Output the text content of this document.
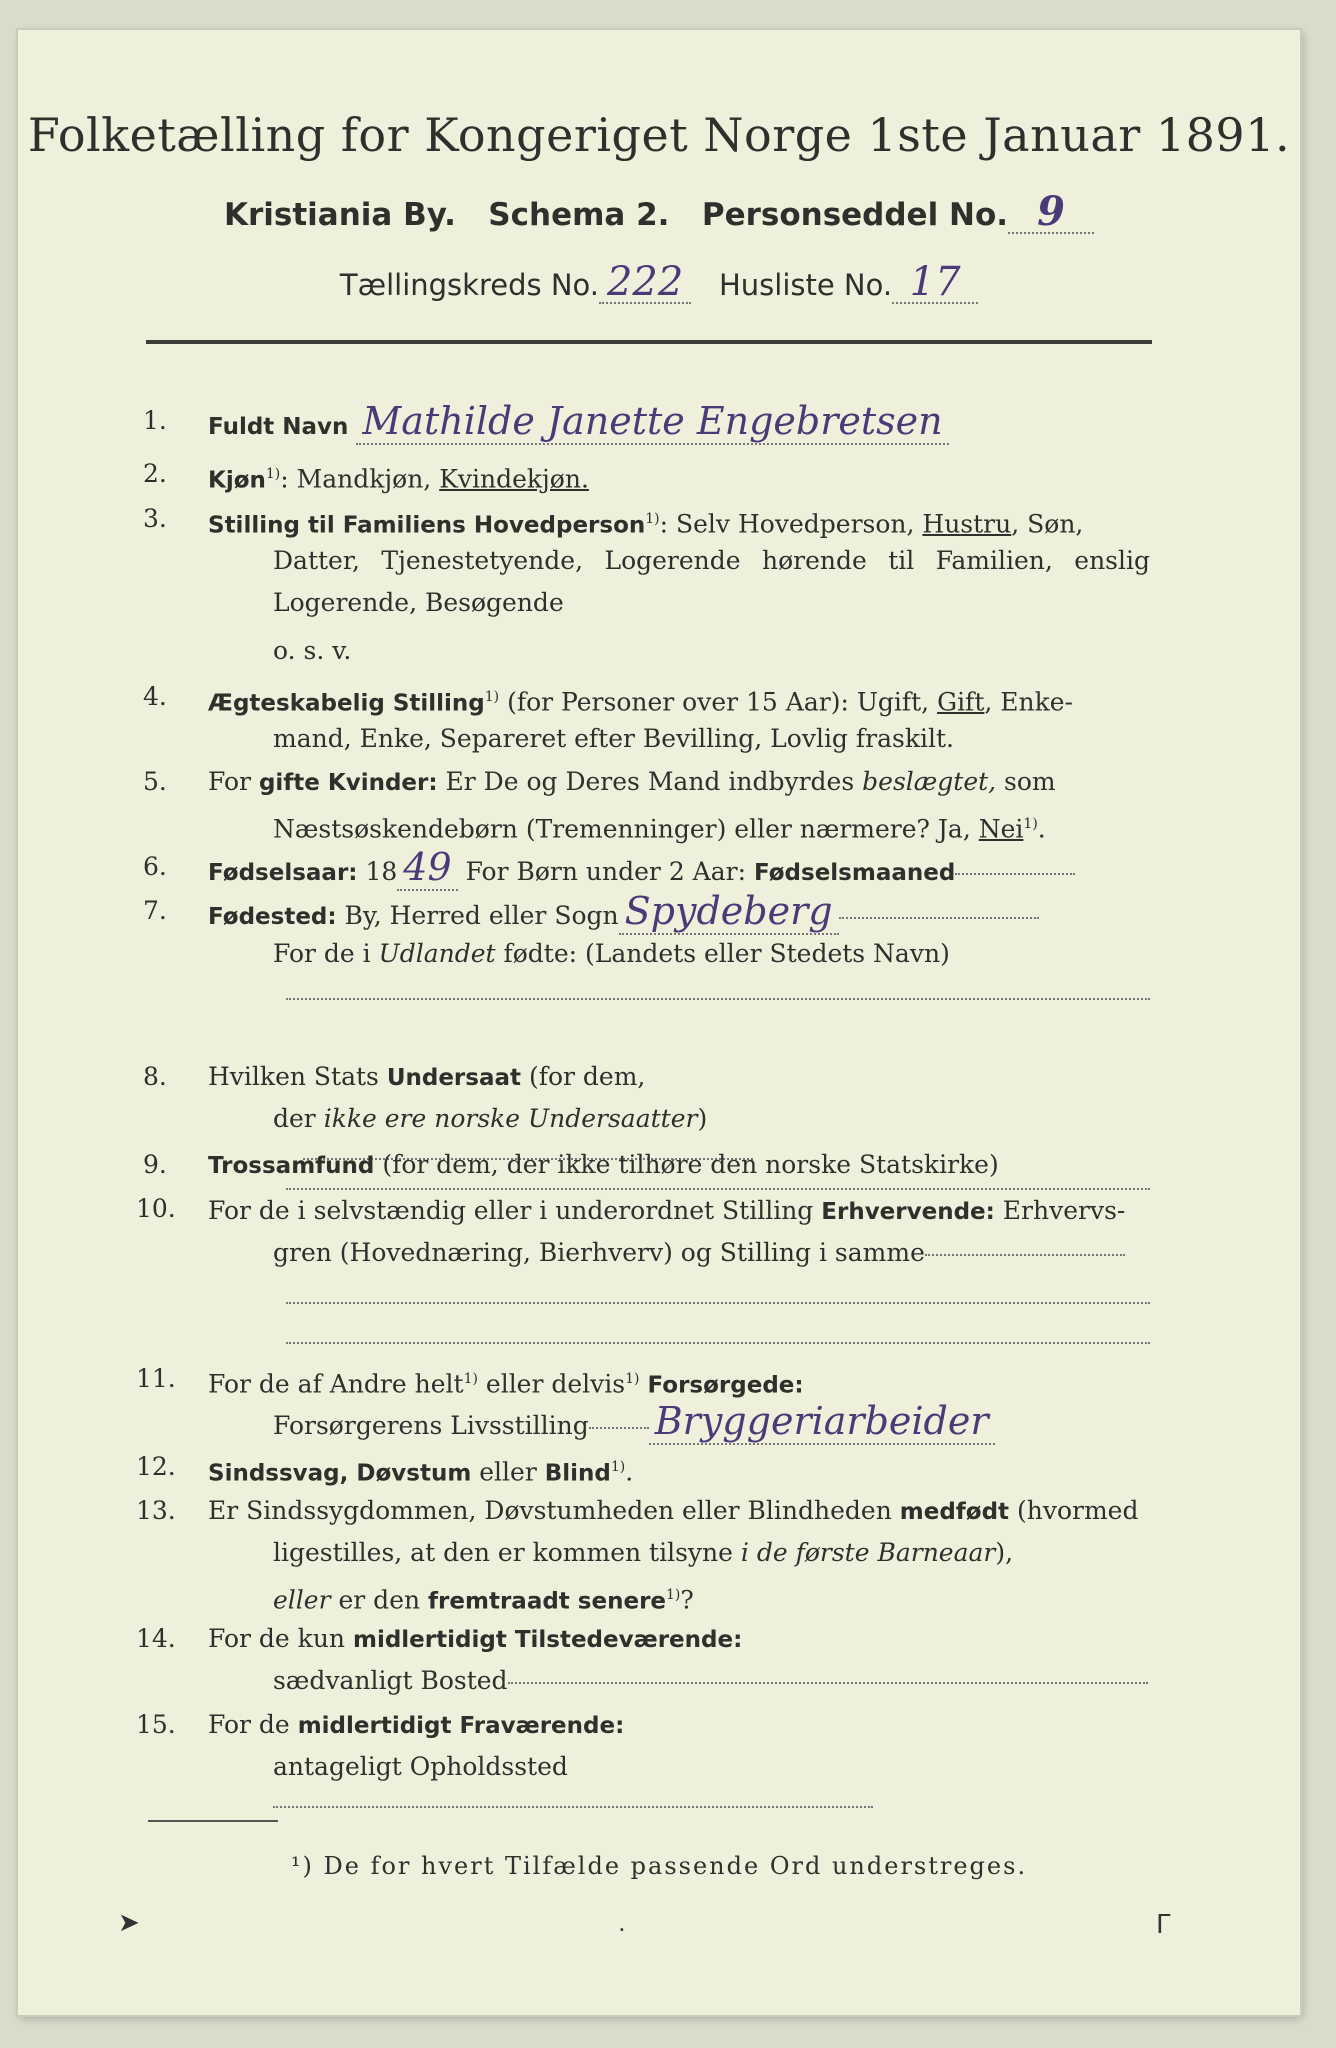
Folketælling for Kongeriget Norge 1ste Januar 1891.
Kristiania By. Schema 2. Personseddel No. 9
Tællingskreds No. 222 Husliste No. 17
1.	Fuldt Navn Mathilde Janette Engebretsen
2.	Kjøn$^{1)}$: Mandkjøn, Kvindekjøn.
3.	Stilling til Familiens Hovedperson$^{1)}$: Selv Hovedperson, Hustru, Søn,
Datter, Tjenestetyende, Logerende hørende til Familien, enslig
Logerende, Besøgende
o. s. v.
4.	Ægteskabelig Stilling$^{1)}$ (for Personer over 15 Aar): Ugift, Gift, Enke-
mand, Enke, Separeret efter Bevilling, Lovlig fraskilt.
5.	For gifte Kvinder: Er De og Deres Mand indbyrdes beslægtet, som
Næstsøskendebørn (Tremenninger) eller nærmere? Ja, Nei$^{1)}$.
6.	Fødselsaar: 18 49 For Børn under 2 Aar: Fødselsmaaned
7.	Fødested: By, Herred eller Sogn Spydeberg
For de i Udlandet fødte: (Landets eller Stedets Navn)
8.	Hvilken Stats Undersaat (for dem,
der ikke ere norske Undersaatter)
9.	Trossamfund (for dem, der ikke tilhøre den norske Statskirke)
10.	For de i selvstændig eller i underordnet Stilling Erhvervende: Erhvervs-
gren (Hovednæring, Bierhverv) og Stilling i samme
11.	For de af Andre helt$^{1)}$ eller delvis$^{1)}$ Forsørgede:
Forsørgerens Livsstilling Bryggeriarbeider
12.	Sindssvag, Døvstum eller Blind$^{1)}$.
13.	Er Sindssygdommen, Døvstumheden eller Blindheden medfødt (hvormed
ligestilles, at den er kommen tilsyne i de første Barneaar),
eller er den fremtraadt senere$^{1)}$?
14.	For de kun midlertidigt Tilstedeværende:
sædvanligt Bosted
15.	For de midlertidigt Fraværende:
antageligt Opholdssted
¹) De for hvert Tilfælde passende Ord understreges.
➤	ᐧ	ᒥ
